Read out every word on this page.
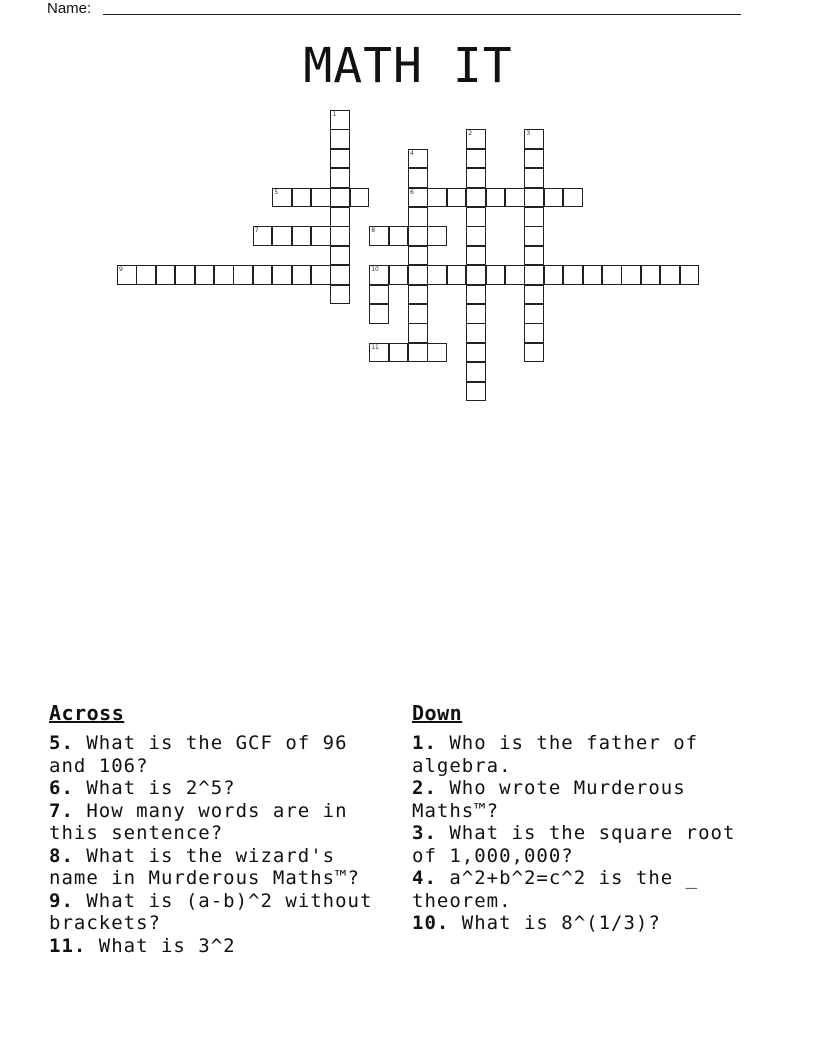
Name:
MATH IT
1
2	3
4
6
5
7	8
9	10
11
Across

5. What is the GCF of 96 and 106?

6. What is 2^5?

7. How many words are in this sentence?

8. What is the wizard's name in Murderous Maths™?

9. What is (a-b)^2 without brackets?

11. What is 3^2

Down

1. Who is the father of algebra.

2. Who wrote Murderous Maths™?

3. What is the square root of 1,000,000?

4. a^2+b^2=c^2 is the _ theorem.

10. What is 8^(1/3)?
